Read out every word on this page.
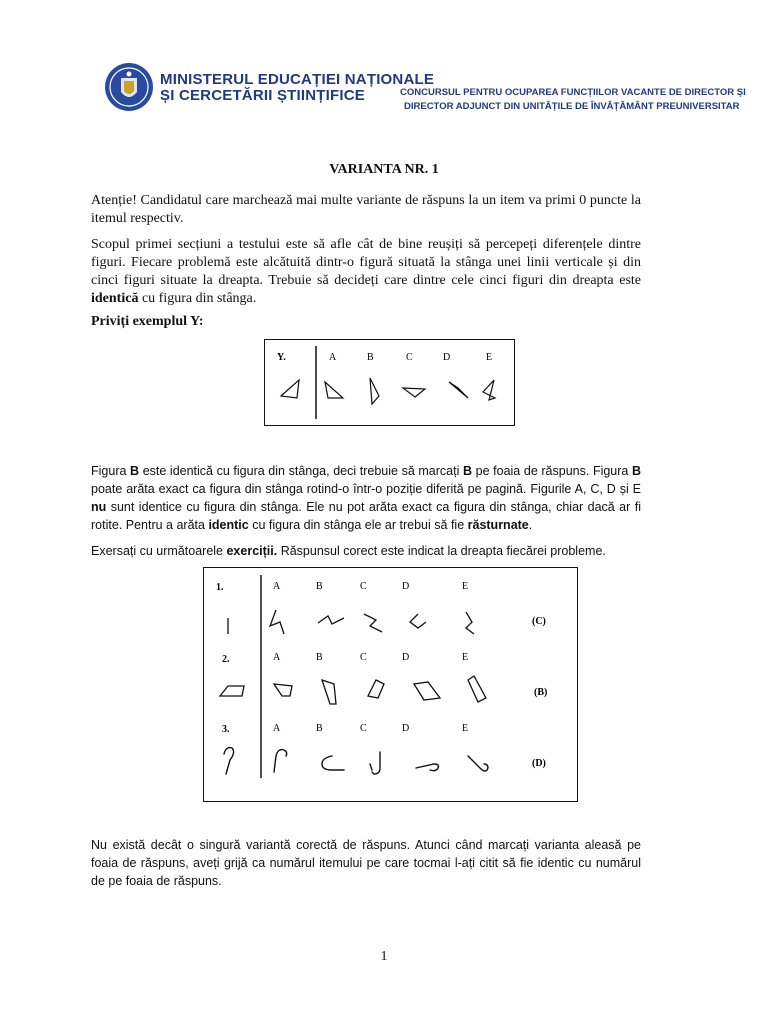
MINISTERUL EDUCAȚIEI NAȚIONALE
ȘI CERCETĂRII ȘTIINȚIFICE	CONCURSUL PENTRU OCUPAREA FUNCȚIILOR VACANTE DE DIRECTOR ȘI
DIRECTOR ADJUNCT DIN UNITĂȚILE DE ÎNVĂȚĂMÂNT PREUNIVERSITAR
VARIANTA NR. 1
Atenție! Candidatul care marchează mai multe variante de răspuns la un item va primi 0 puncte la itemul respectiv.
Scopul primei secțiuni a testului este să afle cât de bine reușiți să percepeți diferențele dintre figuri. Fiecare problemă este alcătuită dintr-o figură situată la stânga unei linii verticale și din cinci figuri situate la dreapta. Trebuie să decideți care dintre cele cinci figuri din dreapta este identică cu figura din stânga.
Priviți exemplul Y:
Y.	A	B	C	D	E
Figura B este identică cu figura din stânga, deci trebuie să marcați B pe foaia de răspuns. Figura B poate arăta exact ca figura din stânga rotind-o într-o poziție diferită pe pagină. Figurile A, C, D și E nu sunt identice cu figura din stânga. Ele nu pot arăta exact ca figura din stânga, chiar dacă ar fi rotite. Pentru a arăta identic cu figura din stânga ele ar trebui să fie răsturnate.
Exersați cu următoarele exerciții. Răspunsul corect este indicat la dreapta fiecărei probleme.
1.	A	B	C	D	E
(C)
2.	A	B	C	D	E
(B)
3.	A	B	C	D	E
(D)
Nu există decât o singură variantă corectă de răspuns. Atunci când marcați varianta aleasă pe foaia de răspuns, aveți grijă ca numărul itemului pe care tocmai l-ați citit să fie identic cu numărul de pe foaia de răspuns.
1
